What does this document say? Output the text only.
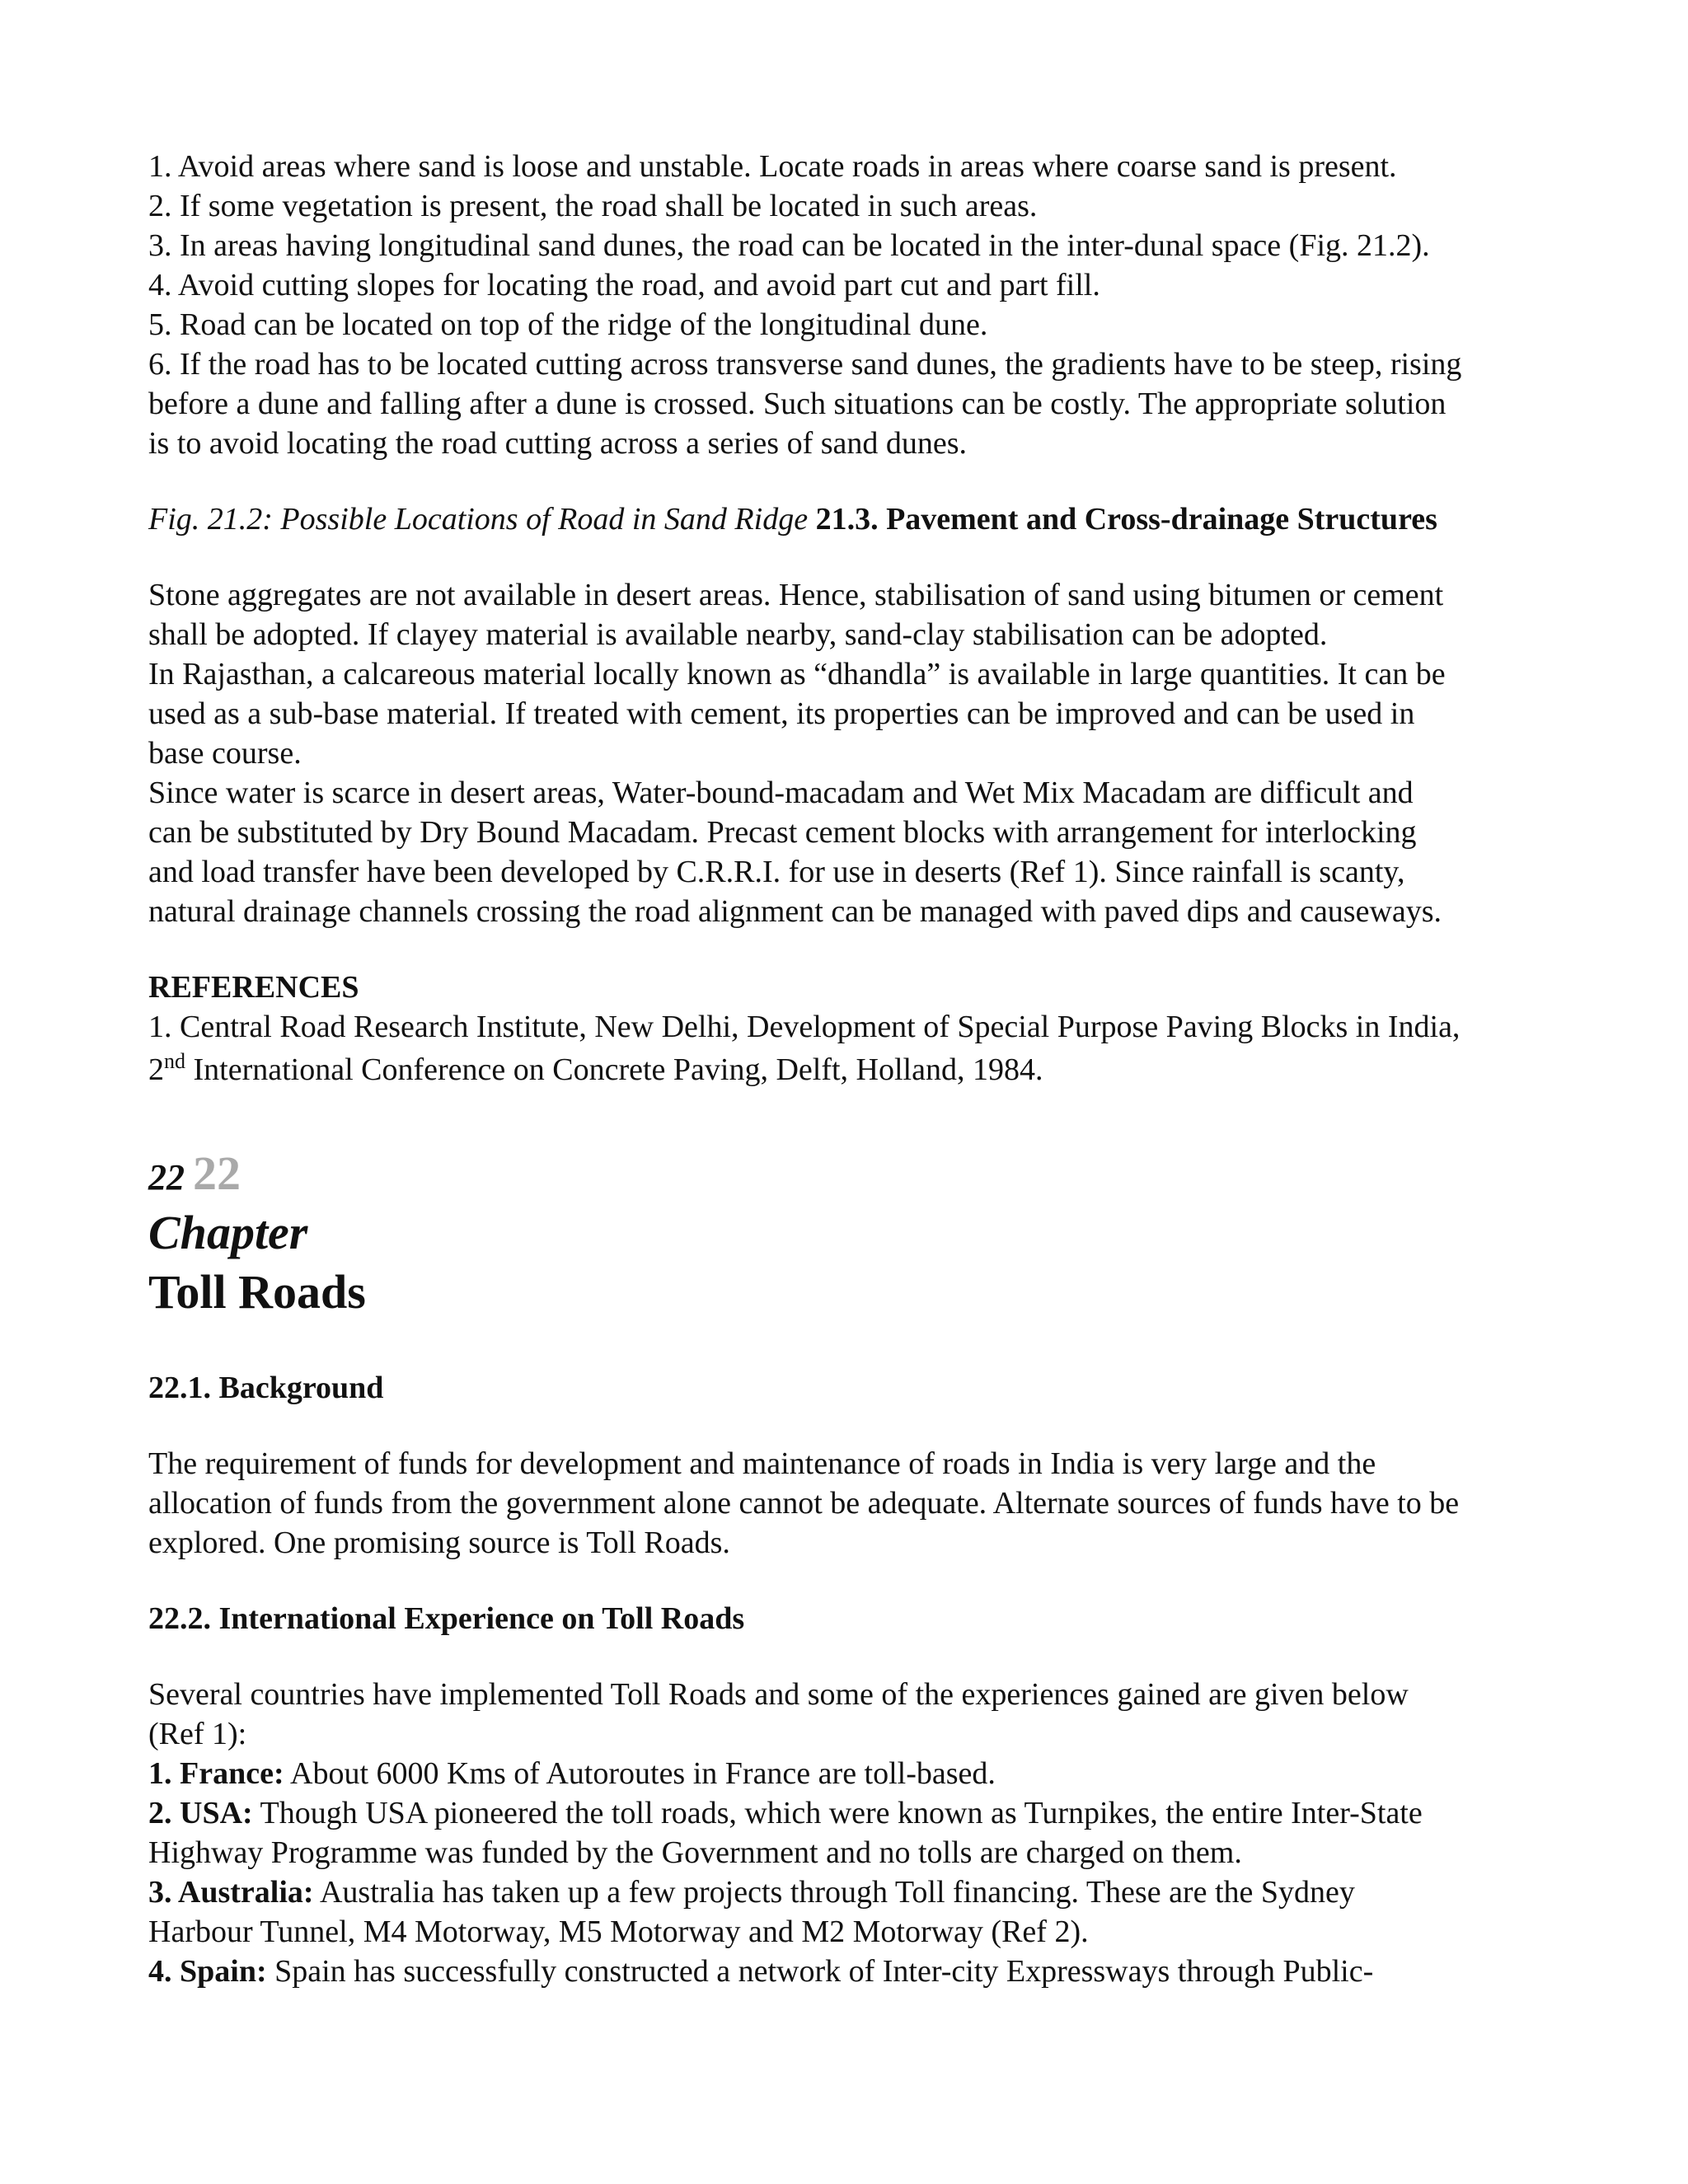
1. Avoid areas where sand is loose and unstable. Locate roads in areas where coarse sand is present.

2. If some vegetation is present, the road shall be located in such areas.

3. In areas having longitudinal sand dunes, the road can be located in the inter-dunal space (Fig. 21.2).

4. Avoid cutting slopes for locating the road, and avoid part cut and part fill.

5. Road can be located on top of the ridge of the longitudinal dune.

6. If the road has to be located cutting across transverse sand dunes, the gradients have to be steep, rising

before a dune and falling after a dune is crossed. Such situations can be costly. The appropriate solution

is to avoid locating the road cutting across a series of sand dunes.

Fig. 21.2: Possible Locations of Road in Sand Ridge 21.3. Pavement and Cross-drainage Structures

Stone aggregates are not available in desert areas. Hence, stabilisation of sand using bitumen or cement

shall be adopted. If clayey material is available nearby, sand-clay stabilisation can be adopted.

In Rajasthan, a calcareous material locally known as “dhandla” is available in large quantities. It can be

used as a sub-base material. If treated with cement, its properties can be improved and can be used in

base course.

Since water is scarce in desert areas, Water-bound-macadam and Wet Mix Macadam are difficult and

can be substituted by Dry Bound Macadam. Precast cement blocks with arrangement for interlocking

and load transfer have been developed by C.R.R.I. for use in deserts (Ref 1). Since rainfall is scanty,

natural drainage channels crossing the road alignment can be managed with paved dips and causeways.

REFERENCES

1. Central Road Research Institute, New Delhi, Development of Special Purpose Paving Blocks in India,

2nd International Conference on Concrete Paving, Delft, Holland, 1984.

22 22
Chapter
Toll Roads

22.1. Background

The requirement of funds for development and maintenance of roads in India is very large and the

allocation of funds from the government alone cannot be adequate. Alternate sources of funds have to be

explored. One promising source is Toll Roads.

22.2. International Experience on Toll Roads

Several countries have implemented Toll Roads and some of the experiences gained are given below

(Ref 1):

1. France: About 6000 Kms of Autoroutes in France are toll-based.

2. USA: Though USA pioneered the toll roads, which were known as Turnpikes, the entire Inter-State

Highway Programme was funded by the Government and no tolls are charged on them.

3. Australia: Australia has taken up a few projects through Toll financing. These are the Sydney

Harbour Tunnel, M4 Motorway, M5 Motorway and M2 Motorway (Ref 2).

4. Spain: Spain has successfully constructed a network of Inter-city Expressways through Public-
